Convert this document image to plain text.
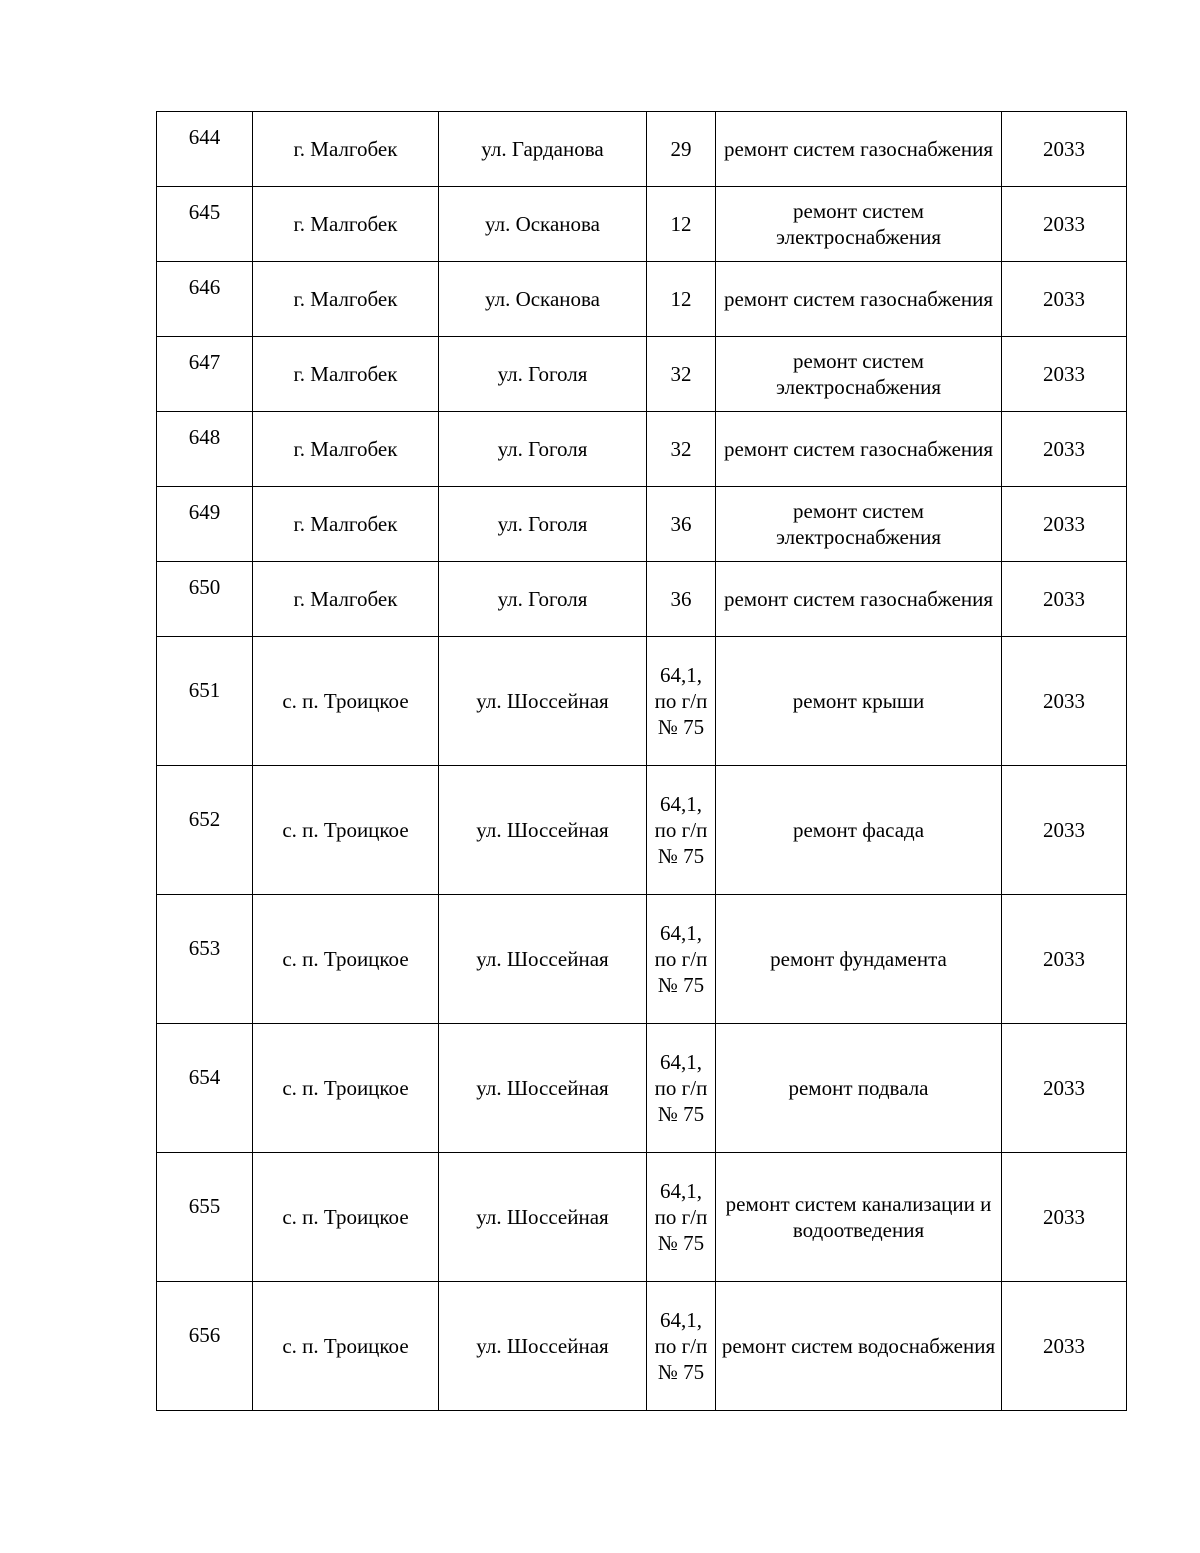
644	г. Малгобек	ул. Гарданова	29	ремонт систем газоснабжения	2033
645	г. Малгобек	ул. Осканова	12	ремонт систем электроснабжения	2033
646	г. Малгобек	ул. Осканова	12	ремонт систем газоснабжения	2033
647	г. Малгобек	ул. Гоголя	32	ремонт систем электроснабжения	2033
648	г. Малгобек	ул. Гоголя	32	ремонт систем газоснабжения	2033
649	г. Малгобек	ул. Гоголя	36	ремонт систем электроснабжения	2033
650	г. Малгобек	ул. Гоголя	36	ремонт систем газоснабжения	2033
651	с. п. Троицкое	ул. Шоссейная	64,1, по г/п № 75	ремонт крыши	2033
652	с. п. Троицкое	ул. Шоссейная	64,1, по г/п № 75	ремонт фасада	2033
653	с. п. Троицкое	ул. Шоссейная	64,1, по г/п № 75	ремонт фундамента	2033
654	с. п. Троицкое	ул. Шоссейная	64,1, по г/п № 75	ремонт подвала	2033
655	с. п. Троицкое	ул. Шоссейная	64,1, по г/п № 75	ремонт систем канализации и водоотведения	2033
656	с. п. Троицкое	ул. Шоссейная	64,1, по г/п № 75	ремонт систем водоснабжения	2033
